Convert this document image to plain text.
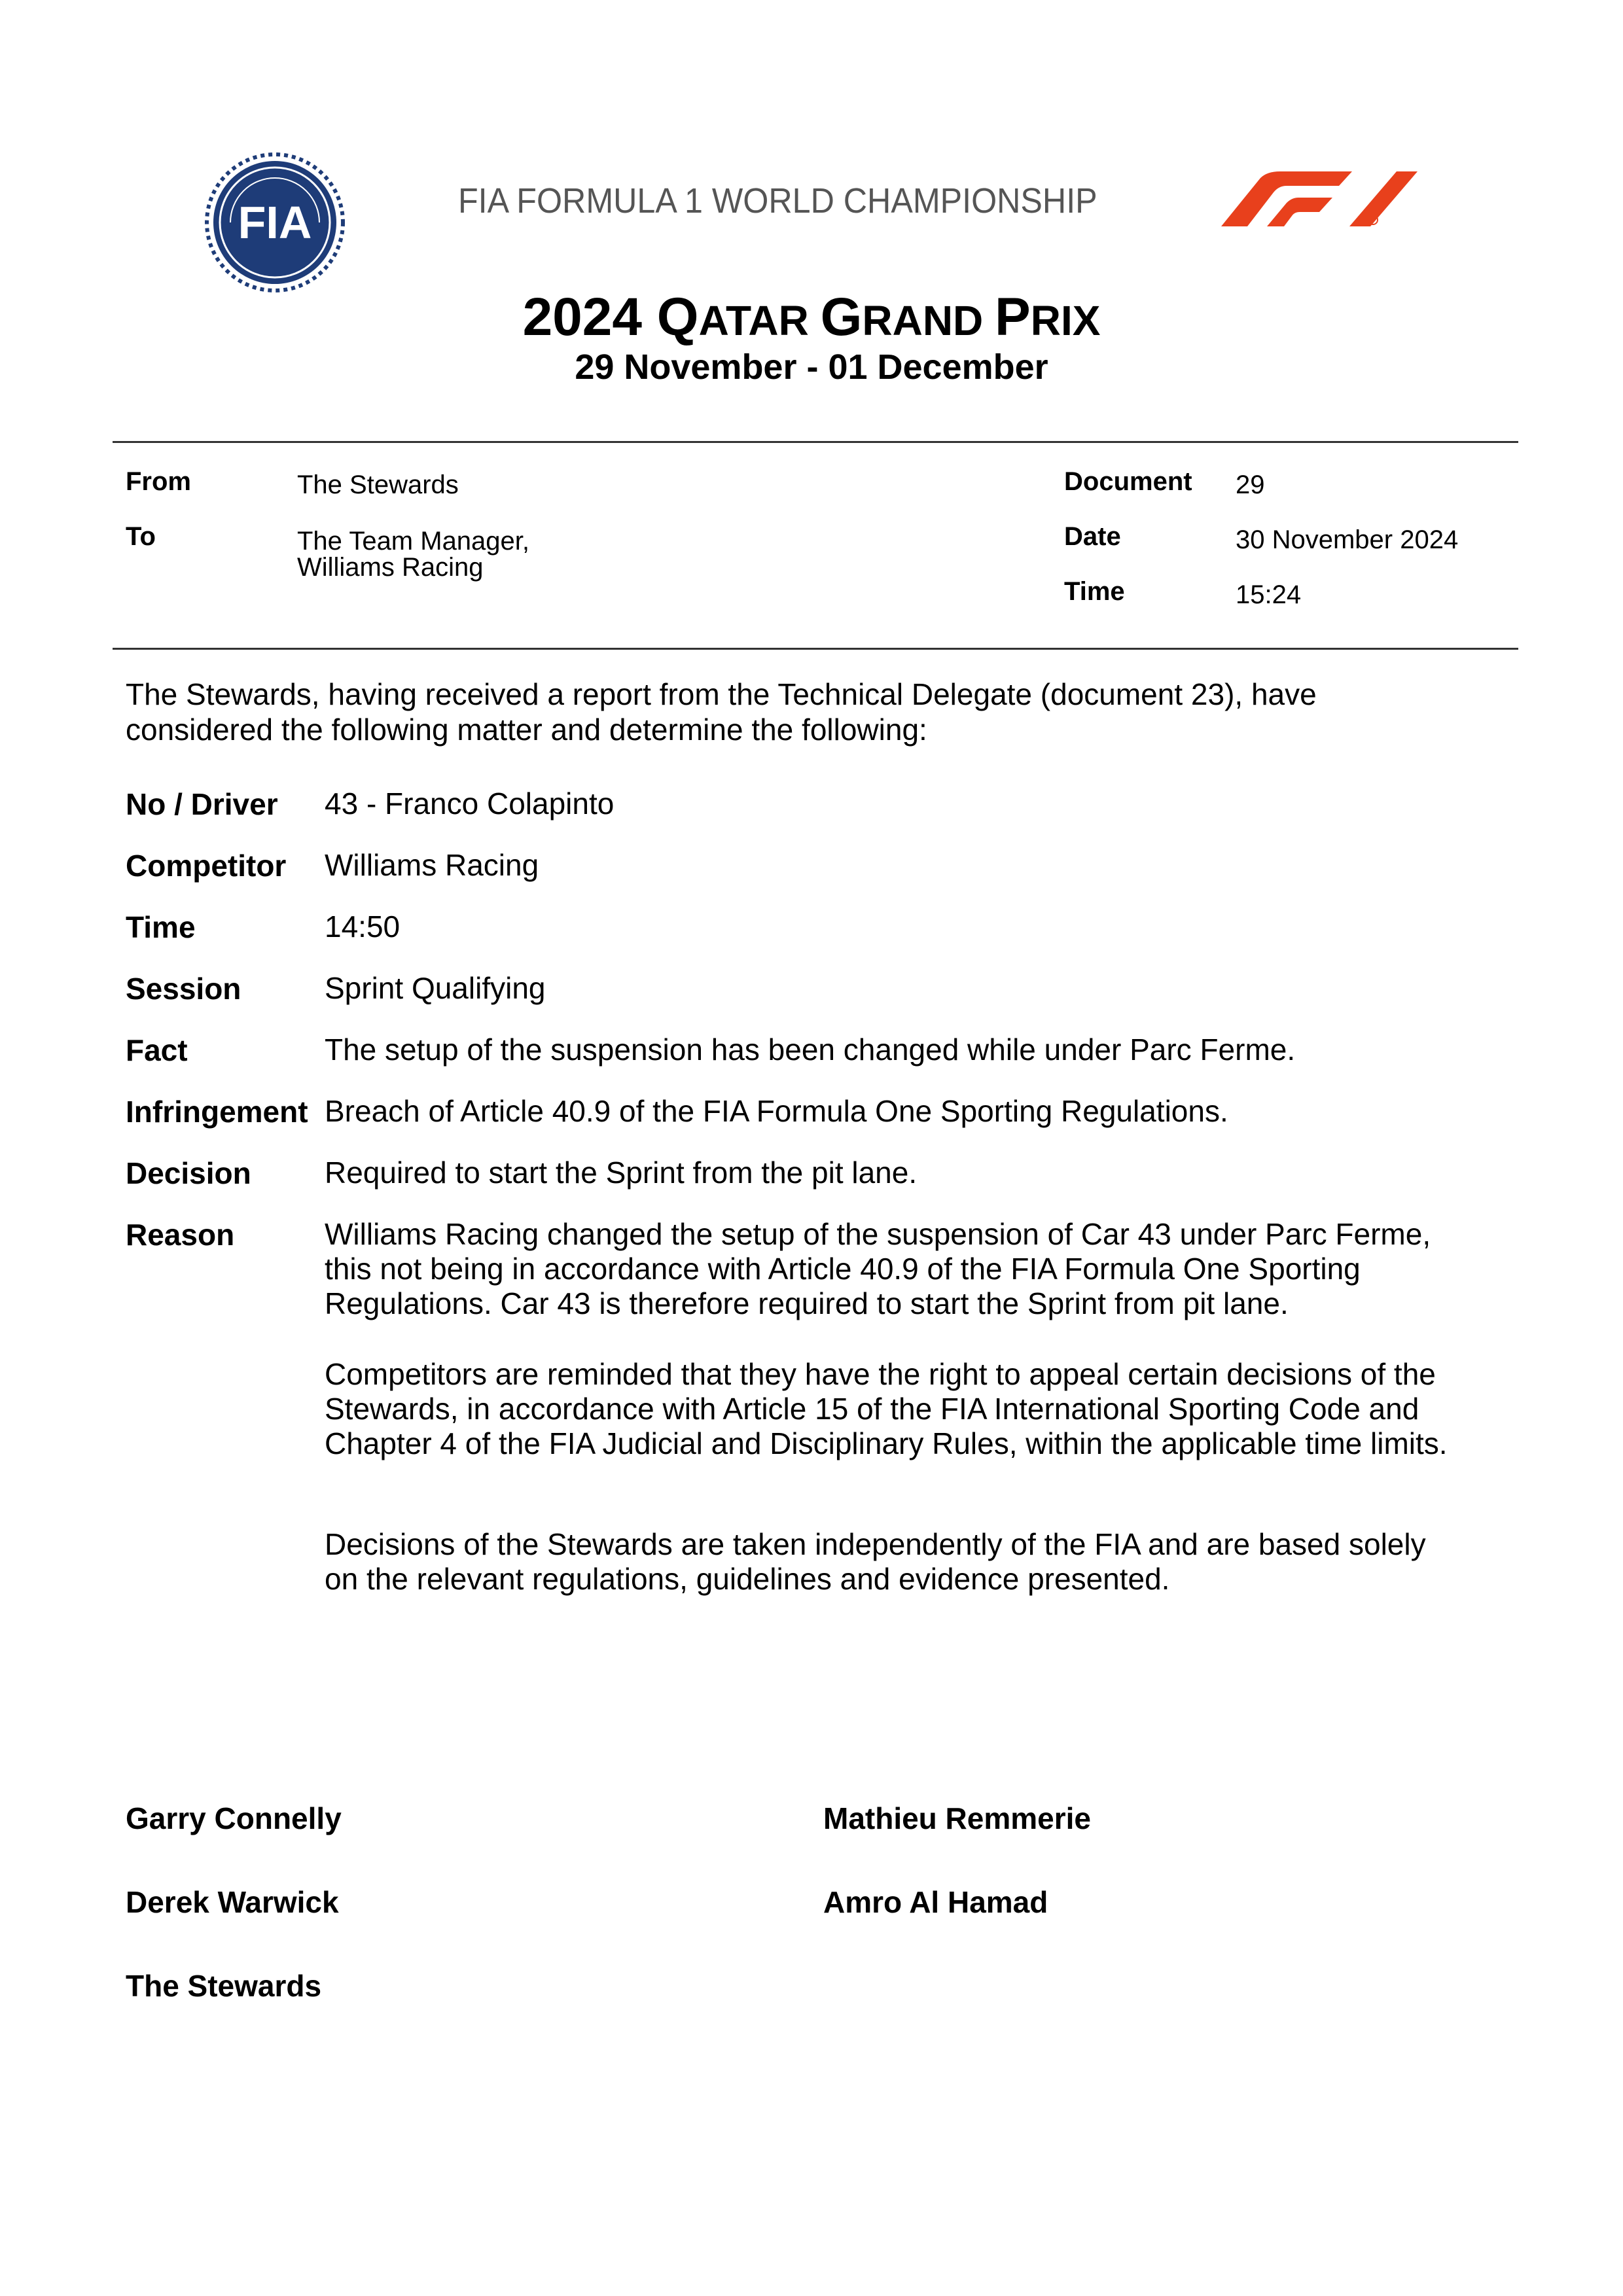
FIA	FIA FORMULA 1 WORLD CHAMPIONSHIP
2024 QATAR GRAND PRIX
29 November - 01 December
From	The Stewards
To	The Team Manager,
Williams Racing
Document 29
Date	30 November 2024
Time	15:24
The Stewards, having received a report from the Technical Delegate (document 23), have considered the following matter and determine the following:
No / Driver 43 - Franco Colapinto
Competitor Williams Racing
Time	14:50
Session	Sprint Qualifying
Fact	The setup of the suspension has been changed while under Parc Ferme.
Infringement Breach of Article 40.9 of the FIA Formula One Sporting Regulations.
Decision Required to start the Sprint from the pit lane.
Reason	Williams Racing changed the setup of the suspension of Car 43 under Parc Ferme,
this not being in accordance with Article 40.9 of the FIA Formula One Sporting
Regulations. Car 43 is therefore required to start the Sprint from pit lane.
Competitors are reminded that they have the right to appeal certain decisions of the
Stewards, in accordance with Article 15 of the FIA International Sporting Code and
Chapter 4 of the FIA Judicial and Disciplinary Rules, within the applicable time limits.
Decisions of the Stewards are taken independently of the FIA and are based solely
on the relevant regulations, guidelines and evidence presented.
Garry Connelly	Mathieu Remmerie
Derek Warwick	Amro Al Hamad
The Stewards
